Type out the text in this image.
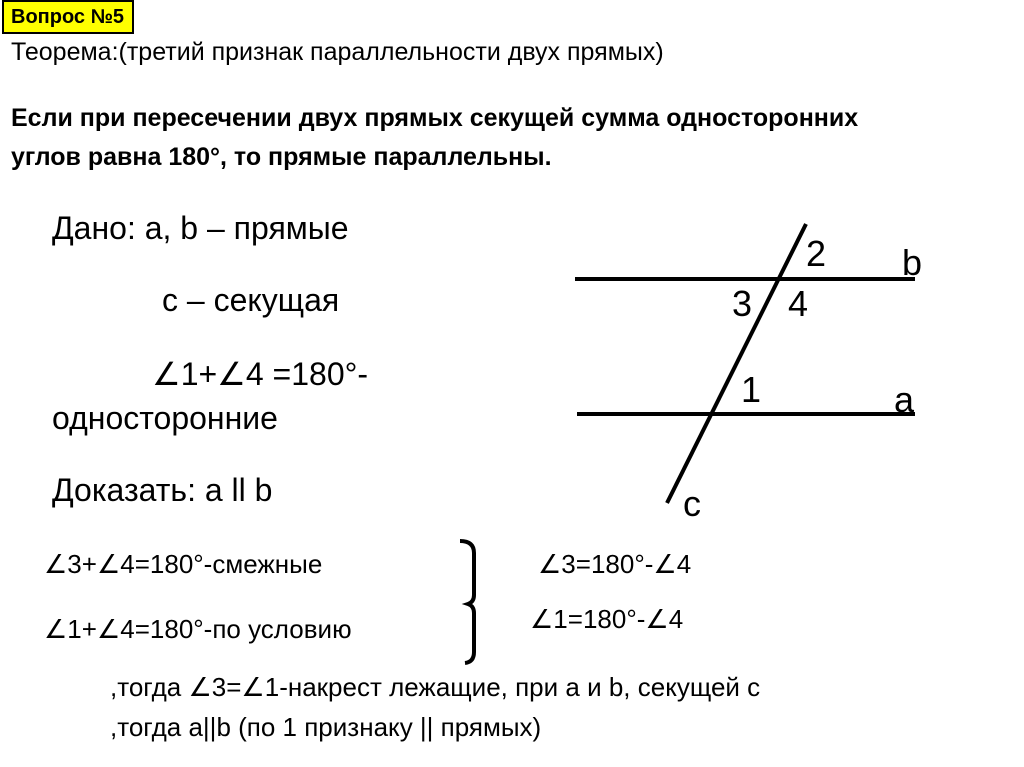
Вопрос №5
Теорема:(третий признак параллельности двух прямых)
Если при пересечении двух прямых секущей сумма односторонних углов равна 180°, то прямые параллельны.
Дано: a, b – прямые
c – секущая
∠1+∠4 =180°-
односторонние
Доказать: a ll b
2 b
3 4
1	a
c
∠3+∠4=180°-смежные
∠1+∠4=180°-по условию
∠3=180°-∠4
∠1=180°-∠4
,тогда ∠3=∠1-накрест лежащие, при a и b, секущей с
,тогда a||b (по 1 признаку || прямых)
